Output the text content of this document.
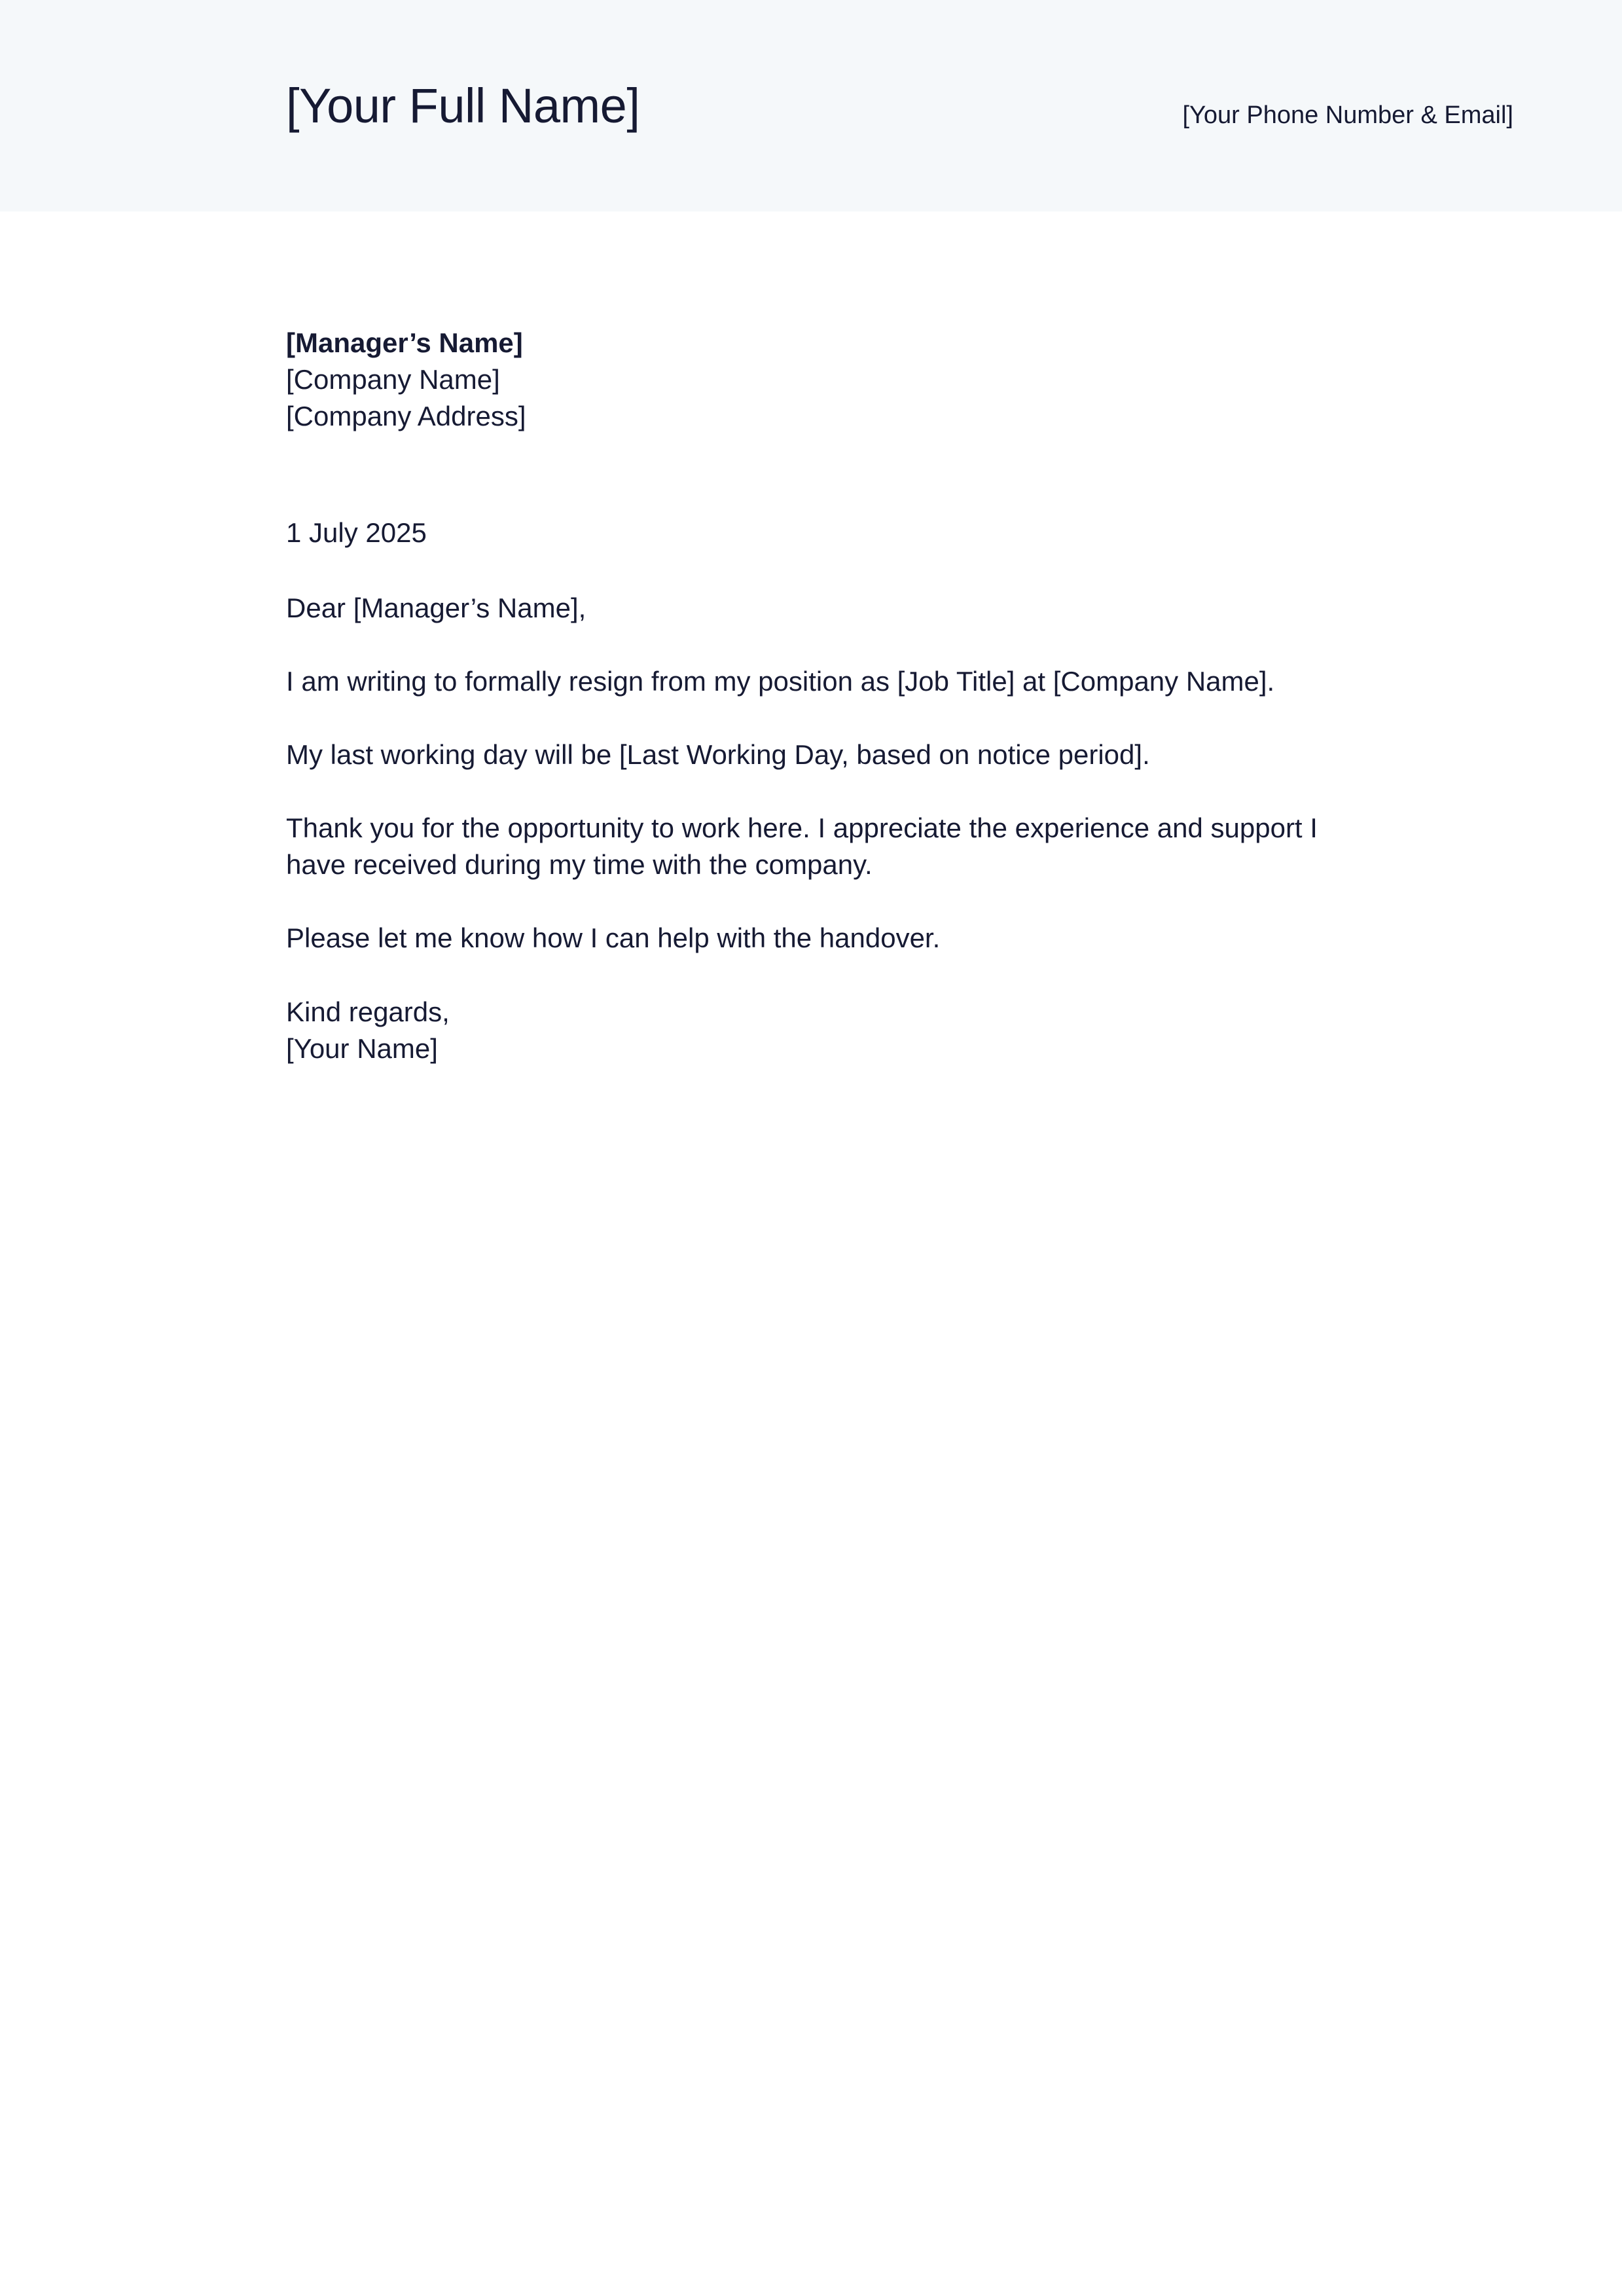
[Your Full Name]	[Your Phone Number & Email]
[Manager’s Name]
[Company Name]
[Company Address]
1 July 2025
Dear [Manager’s Name],
I am writing to formally resign from my position as [Job Title] at [Company Name].
My last working day will be [Last Working Day, based on notice period].
Thank you for the opportunity to work here. I appreciate the experience and support I
have received during my time with the company.
Please let me know how I can help with the handover.
Kind regards,
[Your Name]
